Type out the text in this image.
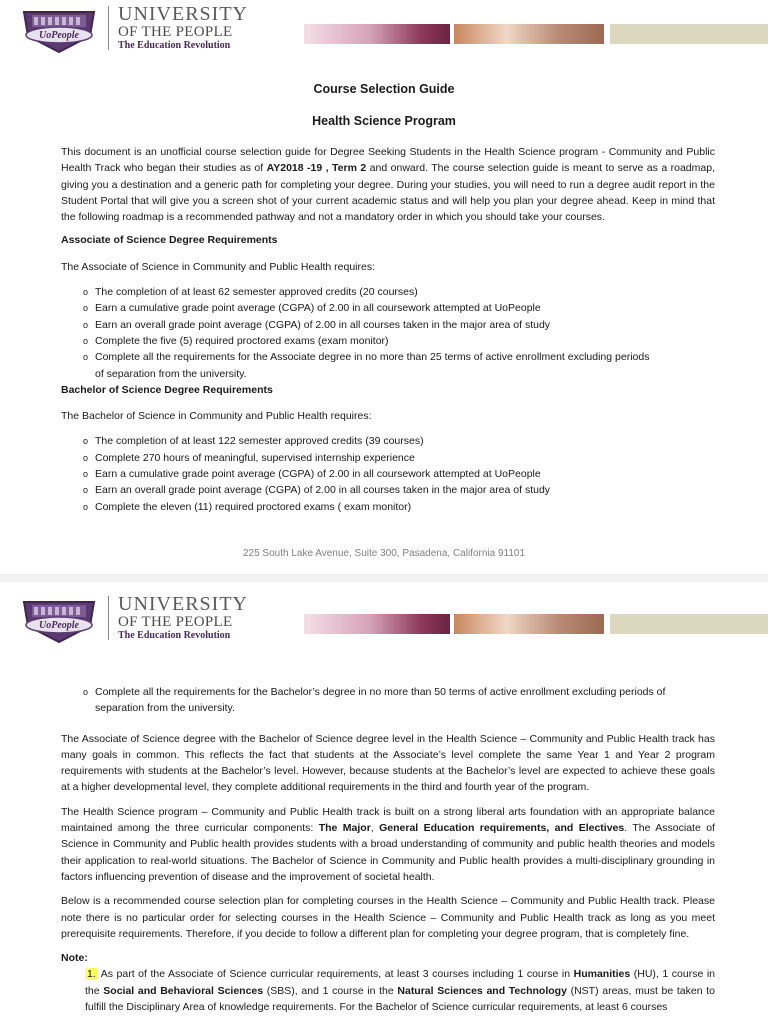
UoPeople
UNIVERSITY
OF THE PEOPLE
The Education Revolution
Course Selection Guide
Health Science Program

This document is an unofficial course selection guide for Degree Seeking Students in the Health Science program - Community and Public Health Track who began their studies as of AY2018 -19 , Term 2 and onward. The course selection guide is meant to serve as a roadmap, giving you a destination and a generic path for completing your degree. During your studies, you will need to run a degree audit report in the Student Portal that will give you a screen shot of your current academic status and will help you plan your degree ahead. Keep in mind that the following roadmap is a recommended pathway and not a mandatory order in which you should take your courses.

Associate of Science Degree Requirements
The Associate of Science in Community and Public Health requires:
o The completion of at least 62 semester approved credits (20 courses)
o Earn a cumulative grade point average (CGPA) of 2.00 in all coursework attempted at UoPeople
o Earn an overall grade point average (CGPA) of 2.00 in all courses taken in the major area of study
o Complete the five (5) required proctored exams (exam monitor)
o Complete all the requirements for the Associate degree in no more than 25 terms of active enrollment excluding periods of separation from the university.
Bachelor of Science Degree Requirements
The Bachelor of Science in Community and Public Health requires:
o The completion of at least 122 semester approved credits (39 courses)
o Complete 270 hours of meaningful, supervised internship experience
o Earn a cumulative grade point average (CGPA) of 2.00 in all coursework attempted at UoPeople
o Earn an overall grade point average (CGPA) of 2.00 in all courses taken in the major area of study
o Complete the eleven (11) required proctored exams ( exam monitor)
225 South Lake Avenue, Suite 300, Pasadena, California 91101
UoPeople
UNIVERSITY
OF THE PEOPLE
The Education Revolution
o Complete all the requirements for the Bachelor’s degree in no more than 50 terms of active enrollment excluding periods of separation from the university.

The Associate of Science degree with the Bachelor of Science degree level in the Health Science – Community and Public Health track has many goals in common. This reflects the fact that students at the Associate’s level complete the same Year 1 and Year 2 program requirements with students at the Bachelor’s level. However, because students at the Bachelor’s level are expected to achieve these goals at a higher developmental level, they complete additional requirements in the third and fourth year of the program.

The Health Science program – Community and Public Health track is built on a strong liberal arts foundation with an appropriate balance maintained among the three curricular components: The Major, General Education requirements, and Electives. The Associate of Science in Community and Public health provides students with a broad understanding of community and public health theories and models their application to real-world situations. The Bachelor of Science in Community and Public health provides a multi-disciplinary grounding in factors influencing prevention of disease and the improvement of societal health.

Below is a recommended course selection plan for completing courses in the Health Science – Community and Public Health track. Please note there is no particular order for selecting courses in the Health Science – Community and Public Health track as long as you meet prerequisite requirements. Therefore, if you decide to follow a different plan for completing your degree program, that is completely fine.

Note:

1. As part of the Associate of Science curricular requirements, at least 3 courses including 1 course in Humanities (HU), 1 course in the Social and Behavioral Sciences (SBS), and 1 course in the Natural Sciences and Technology (NST) areas, must be taken to fulfill the Disciplinary Area of knowledge requirements. For the Bachelor of Science curricular requirements, at least 6 courses
